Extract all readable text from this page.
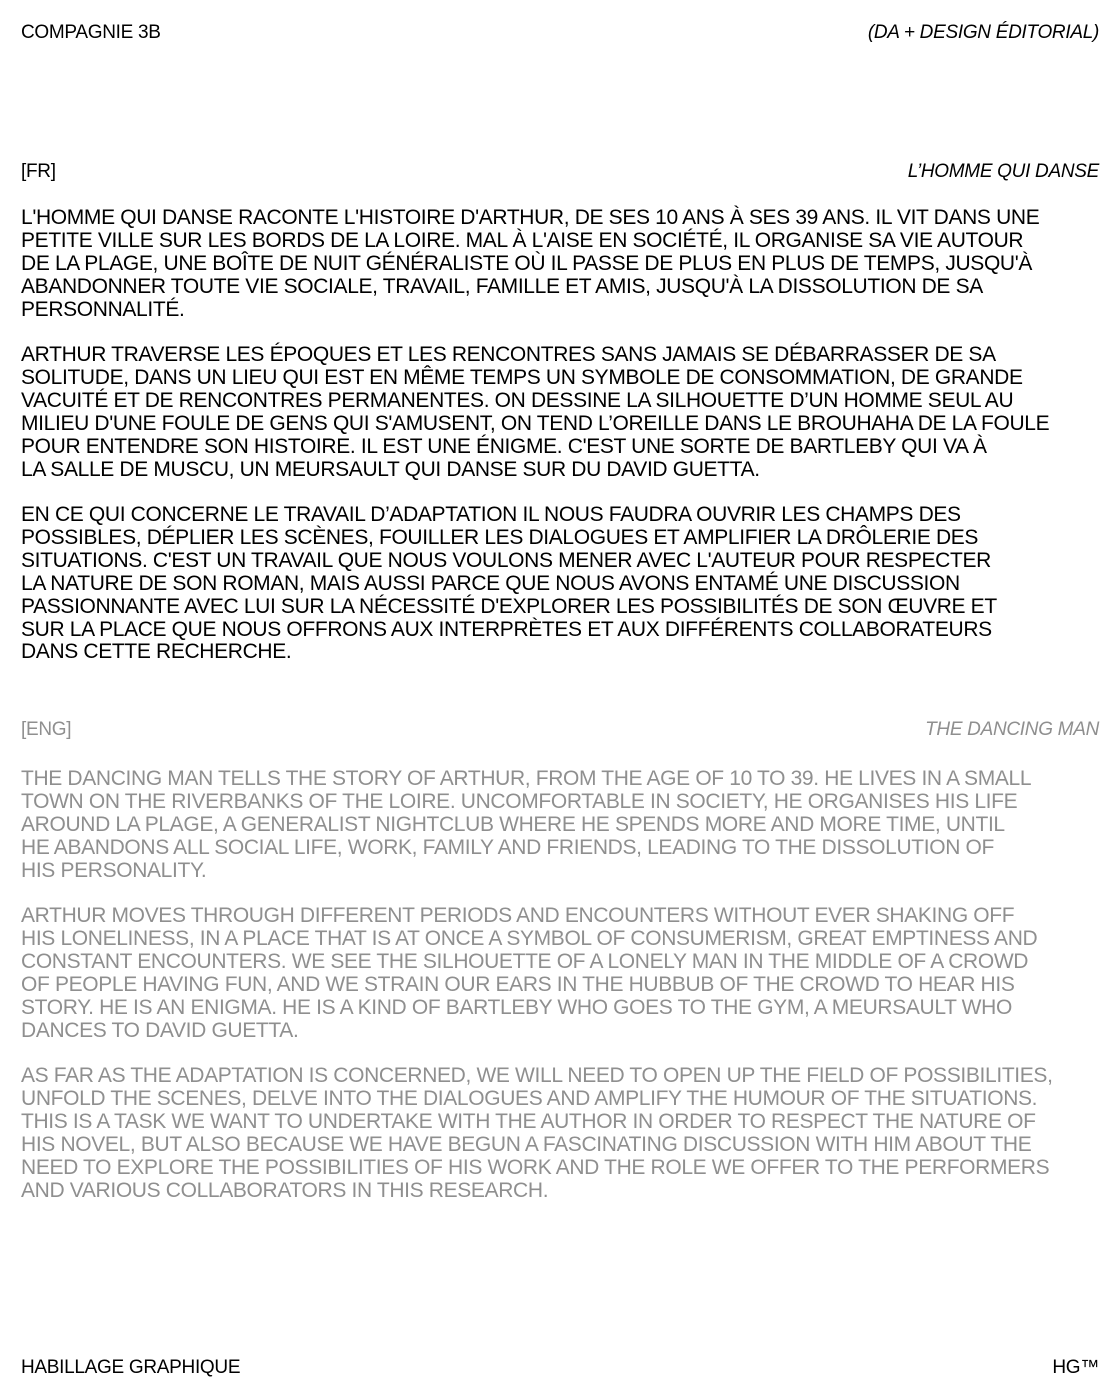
COMPAGNIE 3B	(DA + DESIGN ÉDITORIAL)
[FR]	L’HOMME QUI DANSE

L'HOMME QUI DANSE RACONTE L'HISTOIRE D'ARTHUR, DE SES 10 ANS À SES 39 ANS. IL VIT DANS UNE
PETITE VILLE SUR LES BORDS DE LA LOIRE. MAL À L'AISE EN SOCIÉTÉ, IL ORGANISE SA VIE AUTOUR
DE LA PLAGE, UNE BOÎTE DE NUIT GÉNÉRALISTE OÙ IL PASSE DE PLUS EN PLUS DE TEMPS, JUSQU'À
ABANDONNER TOUTE VIE SOCIALE, TRAVAIL, FAMILLE ET AMIS, JUSQU'À LA DISSOLUTION DE SA
PERSONNALITÉ.

ARTHUR TRAVERSE LES ÉPOQUES ET LES RENCONTRES SANS JAMAIS SE DÉBARRASSER DE SA
SOLITUDE, DANS UN LIEU QUI EST EN MÊME TEMPS UN SYMBOLE DE CONSOMMATION, DE GRANDE
VACUITÉ ET DE RENCONTRES PERMANENTES. ON DESSINE LA SILHOUETTE D’UN HOMME SEUL AU
MILIEU D'UNE FOULE DE GENS QUI S'AMUSENT, ON TEND L’OREILLE DANS LE BROUHAHA DE LA FOULE
POUR ENTENDRE SON HISTOIRE. IL EST UNE ÉNIGME. C'EST UNE SORTE DE BARTLEBY QUI VA À
LA SALLE DE MUSCU, UN MEURSAULT QUI DANSE SUR DU DAVID GUETTA.

EN CE QUI CONCERNE LE TRAVAIL D’ADAPTATION IL NOUS FAUDRA OUVRIR LES CHAMPS DES
POSSIBLES, DÉPLIER LES SCÈNES, FOUILLER LES DIALOGUES ET AMPLIFIER LA DRÔLERIE DES
SITUATIONS. C'EST UN TRAVAIL QUE NOUS VOULONS MENER AVEC L'AUTEUR POUR RESPECTER
LA NATURE DE SON ROMAN, MAIS AUSSI PARCE QUE NOUS AVONS ENTAMÉ UNE DISCUSSION
PASSIONNANTE AVEC LUI SUR LA NÉCESSITÉ D'EXPLORER LES POSSIBILITÉS DE SON ŒUVRE ET
SUR LA PLACE QUE NOUS OFFRONS AUX INTERPRÈTES ET AUX DIFFÉRENTS COLLABORATEURS
DANS CETTE RECHERCHE.

[ENG]	THE DANCING MAN

THE DANCING MAN TELLS THE STORY OF ARTHUR, FROM THE AGE OF 10 TO 39. HE LIVES IN A SMALL
TOWN ON THE RIVERBANKS OF THE LOIRE. UNCOMFORTABLE IN SOCIETY, HE ORGANISES HIS LIFE
AROUND LA PLAGE, A GENERALIST NIGHTCLUB WHERE HE SPENDS MORE AND MORE TIME, UNTIL
HE ABANDONS ALL SOCIAL LIFE, WORK, FAMILY AND FRIENDS, LEADING TO THE DISSOLUTION OF
HIS PERSONALITY.

ARTHUR MOVES THROUGH DIFFERENT PERIODS AND ENCOUNTERS WITHOUT EVER SHAKING OFF
HIS LONELINESS, IN A PLACE THAT IS AT ONCE A SYMBOL OF CONSUMERISM, GREAT EMPTINESS AND
CONSTANT ENCOUNTERS. WE SEE THE SILHOUETTE OF A LONELY MAN IN THE MIDDLE OF A CROWD
OF PEOPLE HAVING FUN, AND WE STRAIN OUR EARS IN THE HUBBUB OF THE CROWD TO HEAR HIS
STORY. HE IS AN ENIGMA. HE IS A KIND OF BARTLEBY WHO GOES TO THE GYM, A MEURSAULT WHO
DANCES TO DAVID GUETTA.

AS FAR AS THE ADAPTATION IS CONCERNED, WE WILL NEED TO OPEN UP THE FIELD OF POSSIBILITIES,
UNFOLD THE SCENES, DELVE INTO THE DIALOGUES AND AMPLIFY THE HUMOUR OF THE SITUATIONS.
THIS IS A TASK WE WANT TO UNDERTAKE WITH THE AUTHOR IN ORDER TO RESPECT THE NATURE OF
HIS NOVEL, BUT ALSO BECAUSE WE HAVE BEGUN A FASCINATING DISCUSSION WITH HIM ABOUT THE
NEED TO EXPLORE THE POSSIBILITIES OF HIS WORK AND THE ROLE WE OFFER TO THE PERFORMERS
AND VARIOUS COLLABORATORS IN THIS RESEARCH.

HABILLAGE GRAPHIQUE	HG™
